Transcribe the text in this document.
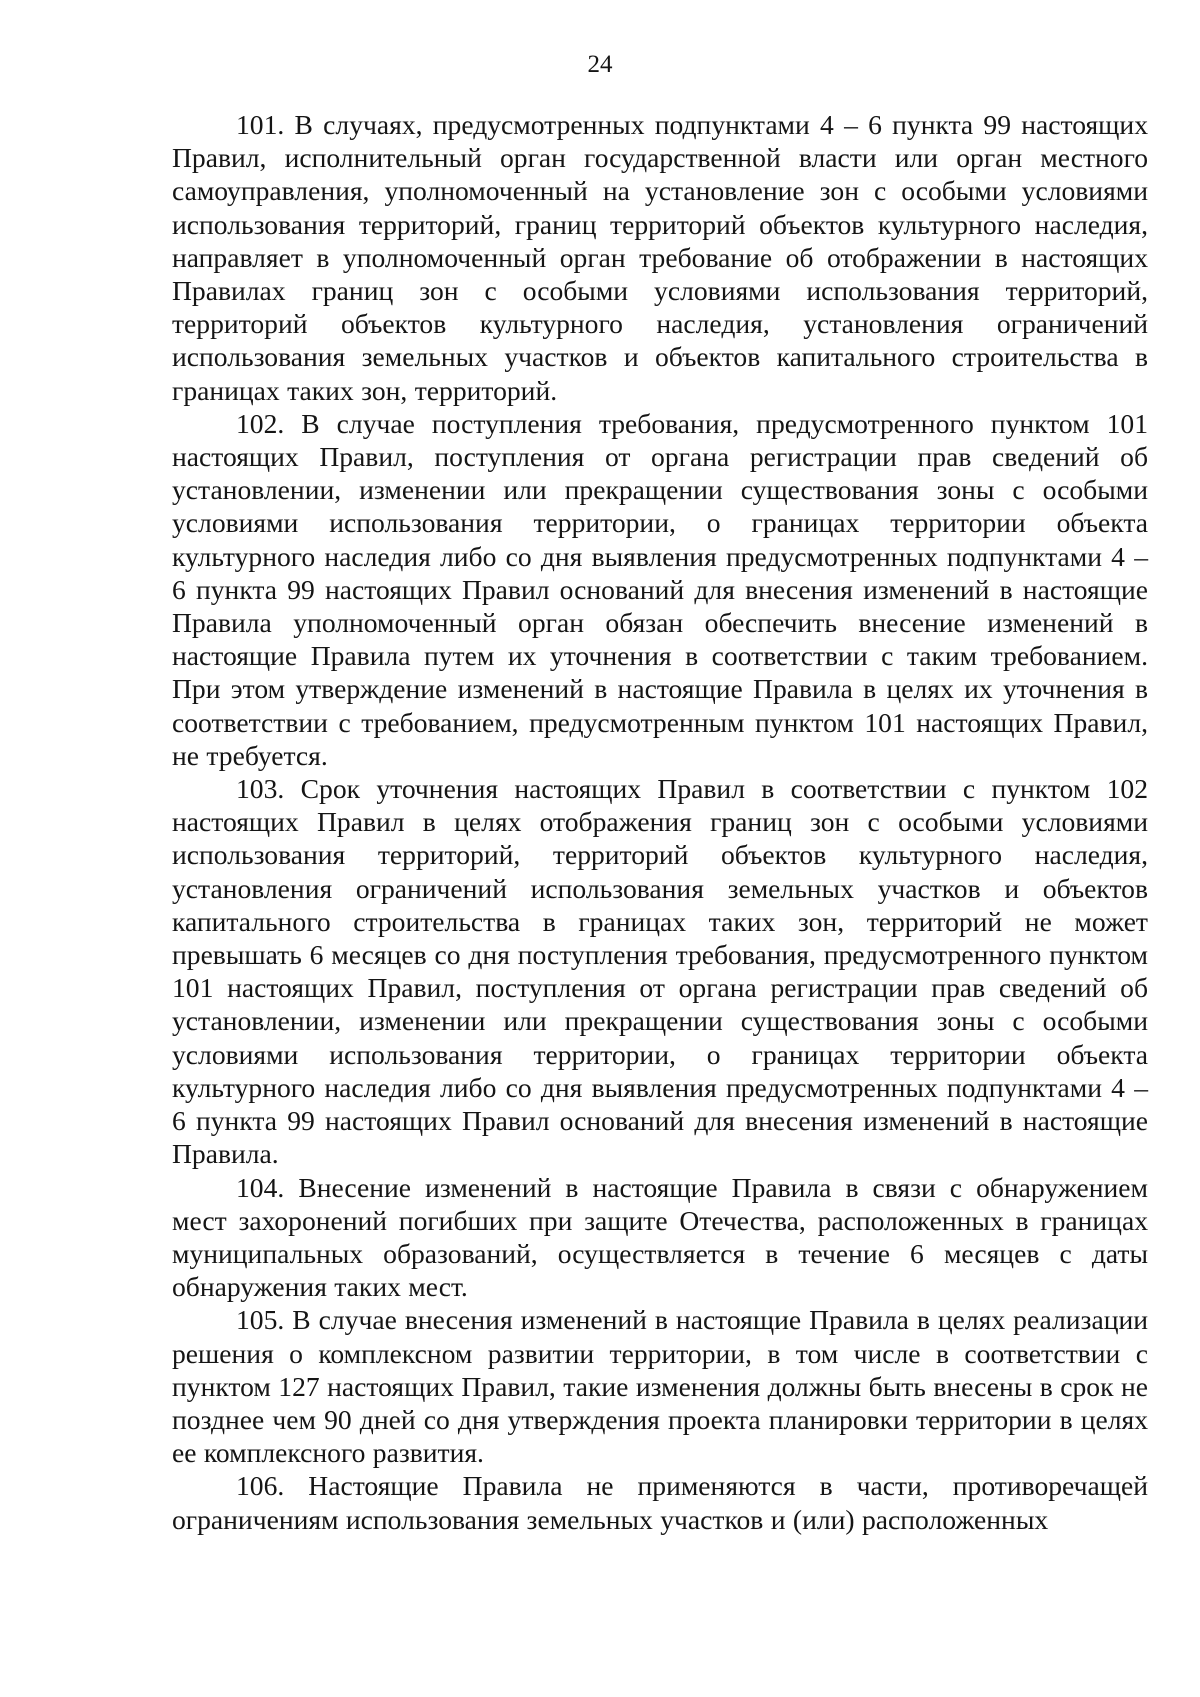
24

101. В случаях, предусмотренных подпунктами 4 – 6 пункта 99 настоящих Правил, исполнительный орган государственной власти или орган местного самоуправления, уполномоченный на установление зон с особыми условиями использования территорий, границ территорий объектов культурного наследия, направляет в уполномоченный орган требование об отображении в настоящих Правилах границ зон с особыми условиями использования территорий, территорий объектов культурного наследия, установления ограничений использования земельных участков и объектов капитального строительства в границах таких зон, территорий.

102. В случае поступления требования, предусмотренного пунктом 101 настоящих Правил, поступления от органа регистрации прав сведений об установлении, изменении или прекращении существования зоны с особыми условиями использования территории, о границах территории объекта культурного наследия либо со дня выявления предусмотренных подпунктами 4 – 6 пункта 99 настоящих Правил оснований для внесения изменений в настоящие Правила уполномоченный орган обязан обеспечить внесение изменений в настоящие Правила путем их уточнения в соответствии с таким требованием. При этом утверждение изменений в настоящие Правила в целях их уточнения в соответствии с требованием, предусмотренным пунктом 101 настоящих Правил, не требуется.

103. Срок уточнения настоящих Правил в соответствии с пунктом 102 настоящих Правил в целях отображения границ зон с особыми условиями использования территорий, территорий объектов культурного наследия, установления ограничений использования земельных участков и объектов капитального строительства в границах таких зон, территорий не может превышать 6 месяцев со дня поступления требования, предусмотренного пунктом 101 настоящих Правил, поступления от органа регистрации прав сведений об установлении, изменении или прекращении существования зоны с особыми условиями использования территории, о границах территории объекта культурного наследия либо со дня выявления предусмотренных подпунктами 4 – 6 пункта 99 настоящих Правил оснований для внесения изменений в настоящие Правила.

104. Внесение изменений в настоящие Правила в связи с обнаружением мест захоронений погибших при защите Отечества, расположенных в границах муниципальных образований, осуществляется в течение 6 месяцев с даты обнаружения таких мест.

105. В случае внесения изменений в настоящие Правила в целях реализации решения о комплексном развитии территории, в том числе в соответствии с пунктом 127 настоящих Правил, такие изменения должны быть внесены в срок не позднее чем 90 дней со дня утверждения проекта планировки территории в целях ее комплексного развития.

106. Настоящие Правила не применяются в части, противоречащей ограничениям использования земельных участков и (или) расположенных
